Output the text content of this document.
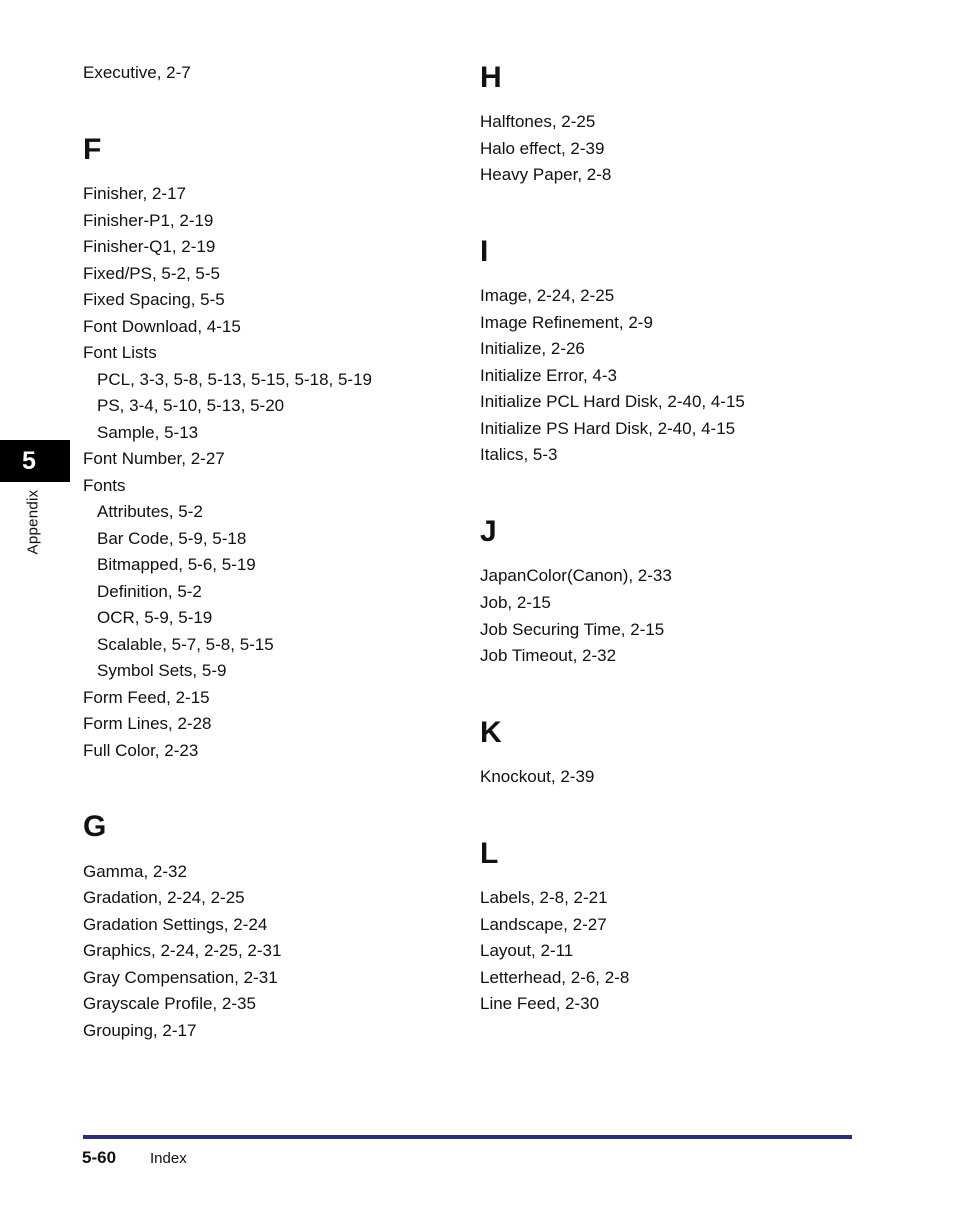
Executive, 2-7
F
Finisher, 2-17
Finisher-P1, 2-19
Finisher-Q1, 2-19
Fixed/PS, 5-2, 5-5
Fixed Spacing, 5-5
Font Download, 4-15
Font Lists
PCL, 3-3, 5-8, 5-13, 5-15, 5-18, 5-19
PS, 3-4, 5-10, 5-13, 5-20
Sample, 5-13
Font Number, 2-27
Fonts
Attributes, 5-2
Bar Code, 5-9, 5-18
Bitmapped, 5-6, 5-19
Definition, 5-2
OCR, 5-9, 5-19
Scalable, 5-7, 5-8, 5-15
Symbol Sets, 5-9
Form Feed, 2-15
Form Lines, 2-28
Full Color, 2-23
G
Gamma, 2-32
Gradation, 2-24, 2-25
Gradation Settings, 2-24
Graphics, 2-24, 2-25, 2-31
Gray Compensation, 2-31
Grayscale Profile, 2-35
Grouping, 2-17
H
Halftones, 2-25
Halo effect, 2-39
Heavy Paper, 2-8
I
Image, 2-24, 2-25
Image Refinement, 2-9
Initialize, 2-26
Initialize Error, 4-3
Initialize PCL Hard Disk, 2-40, 4-15
Initialize PS Hard Disk, 2-40, 4-15
Italics, 5-3
J
JapanColor(Canon), 2-33
Job, 2-15
Job Securing Time, 2-15
Job Timeout, 2-32
K
Knockout, 2-39
L
Labels, 2-8, 2-21
Landscape, 2-27
Layout, 2-11
Letterhead, 2-6, 2-8
Line Feed, 2-30
5
Appendix
5-60 Index
